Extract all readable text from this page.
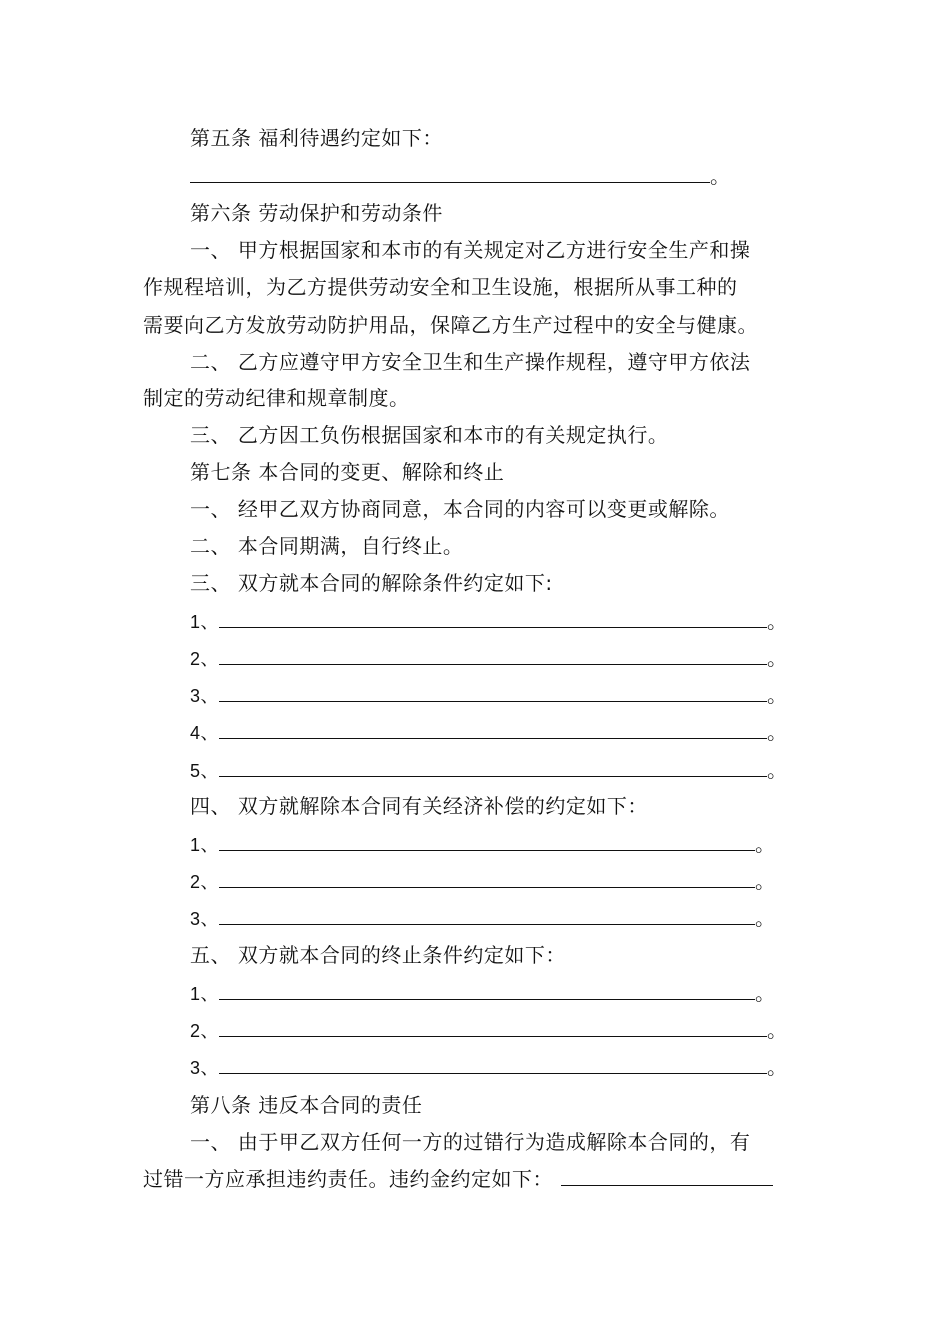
第五条 福利待遇约定如下：
。
第六条 劳动保护和劳动条件
一、 甲方根据国家和本市的有关规定对乙方进行安全生产和操
作规程培训，为乙方提供劳动安全和卫生设施，根据所从事工种的
需要向乙方发放劳动防护用品，保障乙方生产过程中的安全与健康。
二、 乙方应遵守甲方安全卫生和生产操作规程，遵守甲方依法
制定的劳动纪律和规章制度。
三、 乙方因工负伤根据国家和本市的有关规定执行。
第七条 本合同的变更、解除和终止
一、 经甲乙双方协商同意，本合同的内容可以变更或解除。
二、 本合同期满，自行终止。
三、 双方就本合同的解除条件约定如下:
1、	。
2、	。
3、	。
4、	。
5、	。
四、 双方就解除本合同有关经济补偿的约定如下：
1、	。
2、	。
3、	。
五、 双方就本合同的终止条件约定如下：
1、	。
2、	。
3、	。
第八条 违反本合同的责任
一、 由于甲乙双方任何一方的过错行为造成解除本合同的，有
过错一方应承担违约责任。违约金约定如下：
